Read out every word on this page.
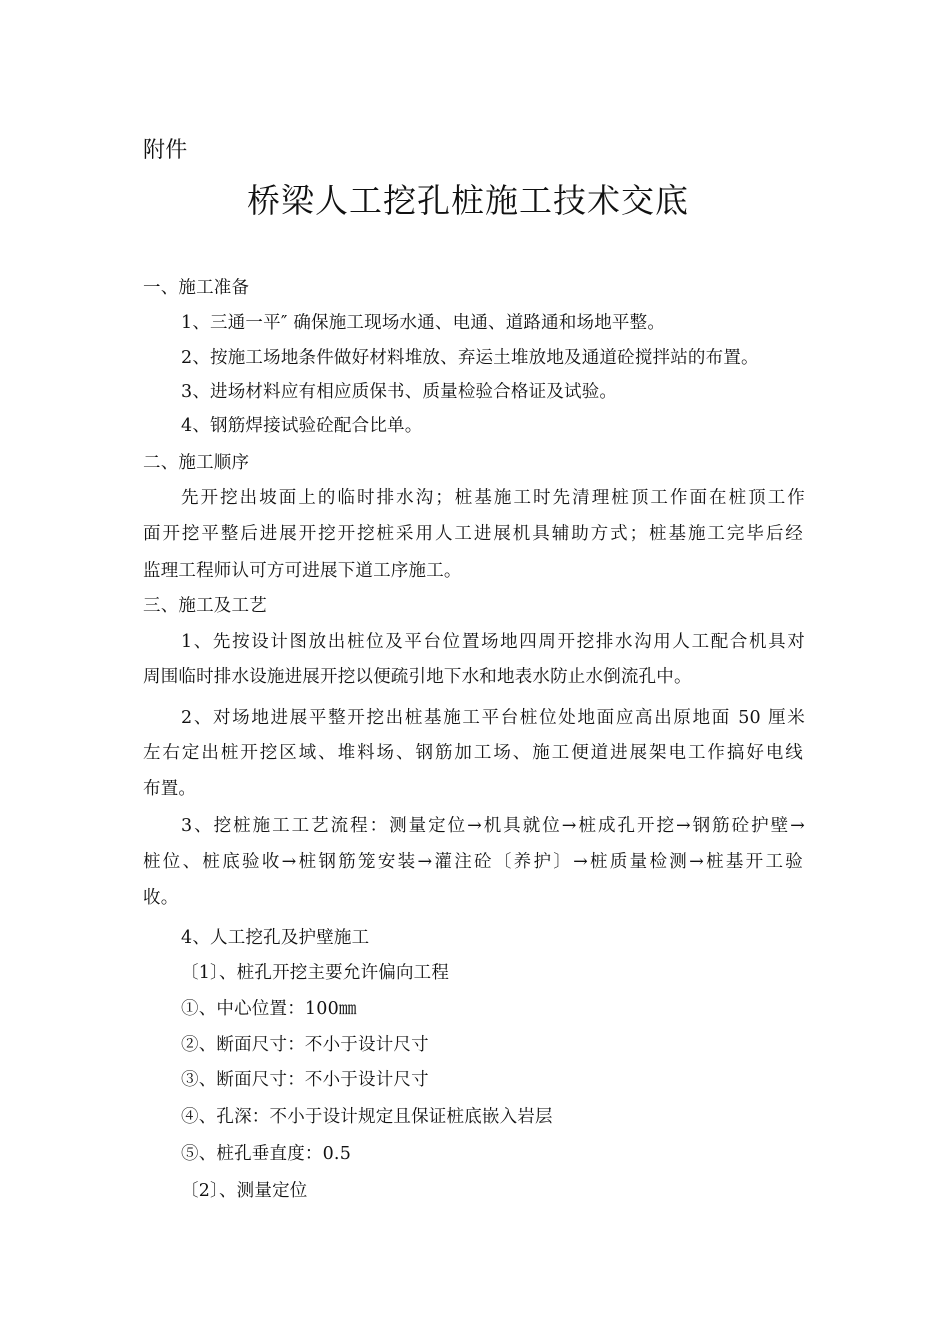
附件
桥梁人工挖孔桩施工技术交底
一、施工准备
1、三通一平″ 确保施工现场水通、电通、道路通和场地平整。
2、按施工场地条件做好材料堆放、弃运土堆放地及通道砼搅拌站的布置。
3、进场材料应有相应质保书、质量检验合格证及试验。
4、钢筋焊接试验砼配合比单。
二、施工顺序
先开挖出坡面上的临时排水沟；桩基施工时先清理桩顶工作面在桩顶工作
面开挖平整后进展开挖开挖桩采用人工进展机具辅助方式；桩基施工完毕后经
监理工程师认可方可进展下道工序施工。
三、施工及工艺
1、先按设计图放出桩位及平台位置场地四周开挖排水沟用人工配合机具对
周围临时排水设施进展开挖以便疏引地下水和地表水防止水倒流孔中。
2、对场地进展平整开挖出桩基施工平台桩位处地面应高出原地面 50 厘米
左右定出桩开挖区域、堆料场、钢筋加工场、施工便道进展架电工作搞好电线
布置。
3、挖桩施工工艺流程：测量定位→机具就位→桩成孔开挖→钢筋砼护壁→
桩位、桩底验收→桩钢筋笼安装→灌注砼〔养护〕→桩质量检测→桩基开工验
收。
4、人工挖孔及护壁施工
〔1〕、桩孔开挖主要允许偏向工程
①、中心位置：100㎜
②、断面尺寸：不小于设计尺寸
③、断面尺寸：不小于设计尺寸
④、孔深：不小于设计规定且保证桩底嵌入岩层
⑤、桩孔垂直度：0.5
〔2〕、测量定位
